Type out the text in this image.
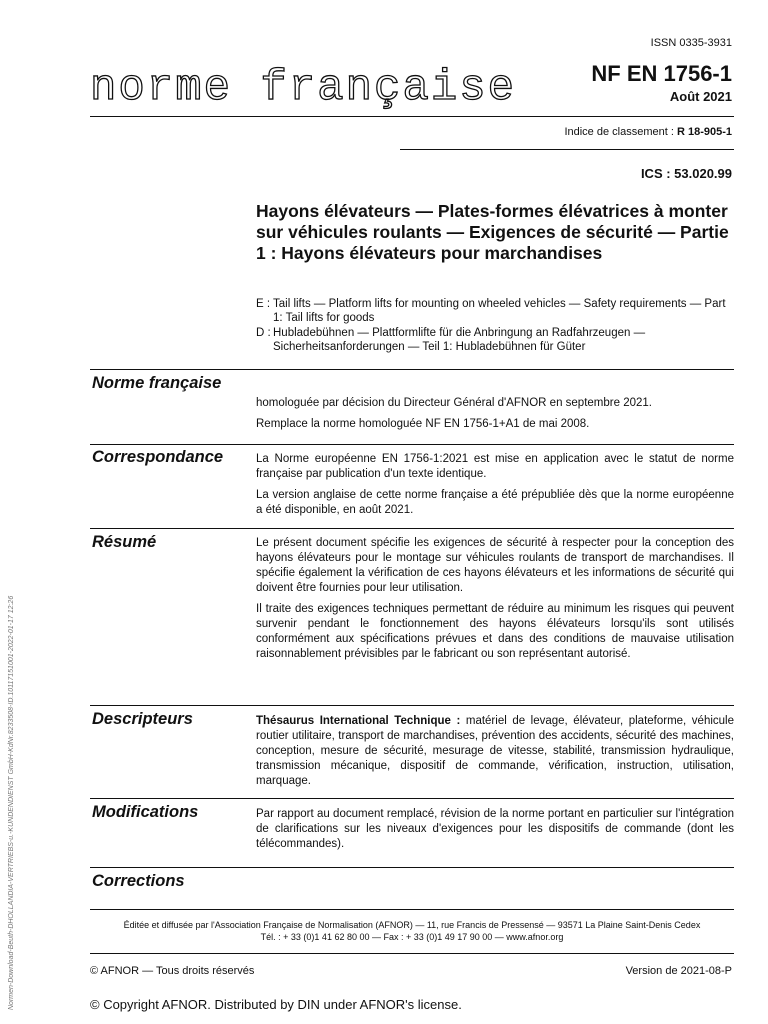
ISSN 0335-3931
norme française	NF EN 1756-1
Août 2021
Indice de classement : R 18-905-1
ICS : 53.020.99
Hayons élévateurs — Plates-formes élévatrices à monter sur véhicules roulants — Exigences de sécurité — Partie 1 : Hayons élévateurs pour marchandises
E : Tail lifts — Platform lifts for mounting on wheeled vehicles — Safety requirements — Part 1: Tail lifts for goods
D : Hubladebühnen — Plattformlifte für die Anbringung an Radfahrzeugen — Sicherheitsanforderungen — Teil 1: Hubladebühnen für Güter
Norme française

homologuée par décision du Directeur Général d'AFNOR en septembre 2021.

Remplace la norme homologuée NF EN 1756-1+A1 de mai 2008.

Correspondance	La Norme européenne EN 1756-1:2021 est mise en application avec le statut de norme française par publication d'un texte identique.

La version anglaise de cette norme française a été prépubliée dès que la norme européenne a été disponible, en août 2021.

Résumé	Le présent document spécifie les exigences de sécurité à respecter pour la conception des hayons élévateurs pour le montage sur véhicules roulants de transport de marchandises. Il spécifie également la vérification de ces hayons élévateurs et les informations de sécurité qui doivent être fournies pour leur utilisation.

Il traite des exigences techniques permettant de réduire au minimum les risques qui peuvent survenir pendant le fonctionnement des hayons élévateurs lorsqu'ils sont utilisés conformément aux spécifications prévues et dans des conditions de mauvaise utilisation raisonnablement prévisibles par le fabricant ou son représentant autorisé.

Descripteurs	Thésaurus International Technique : matériel de levage, élévateur, plateforme, véhicule routier utilitaire, transport de marchandises, prévention des accidents, sécurité des machines, conception, mesure de sécurité, mesurage de vitesse, stabilité, transmission hydraulique, transmission mécanique, dispositif de commande, vérification, instruction, utilisation, marquage.

Modifications	Par rapport au document remplacé, révision de la norme portant en particulier sur l'intégration de clarifications sur les niveaux d'exigences pour les dispositifs de commande (dont les télécommandes).

Corrections
Éditée et diffusée par l'Association Française de Normalisation (AFNOR) — 11, rue Francis de Pressensé — 93571 La Plaine Saint-Denis Cedex
Tél. : + 33 (0)1 41 62 80 00 — Fax : + 33 (0)1 49 17 90 00 — www.afnor.org
© AFNOR — Tous droits réservés	Version de 2021-08-P
© Copyright AFNOR. Distributed by DIN under AFNOR's license.
Normen-Download-Beuth-DHOLLANDIA-VERTRIEBS-u.-KUNDENDIENST GmbH-KdNr.8233508-ID.10117151001-2022-01-17 12:26
